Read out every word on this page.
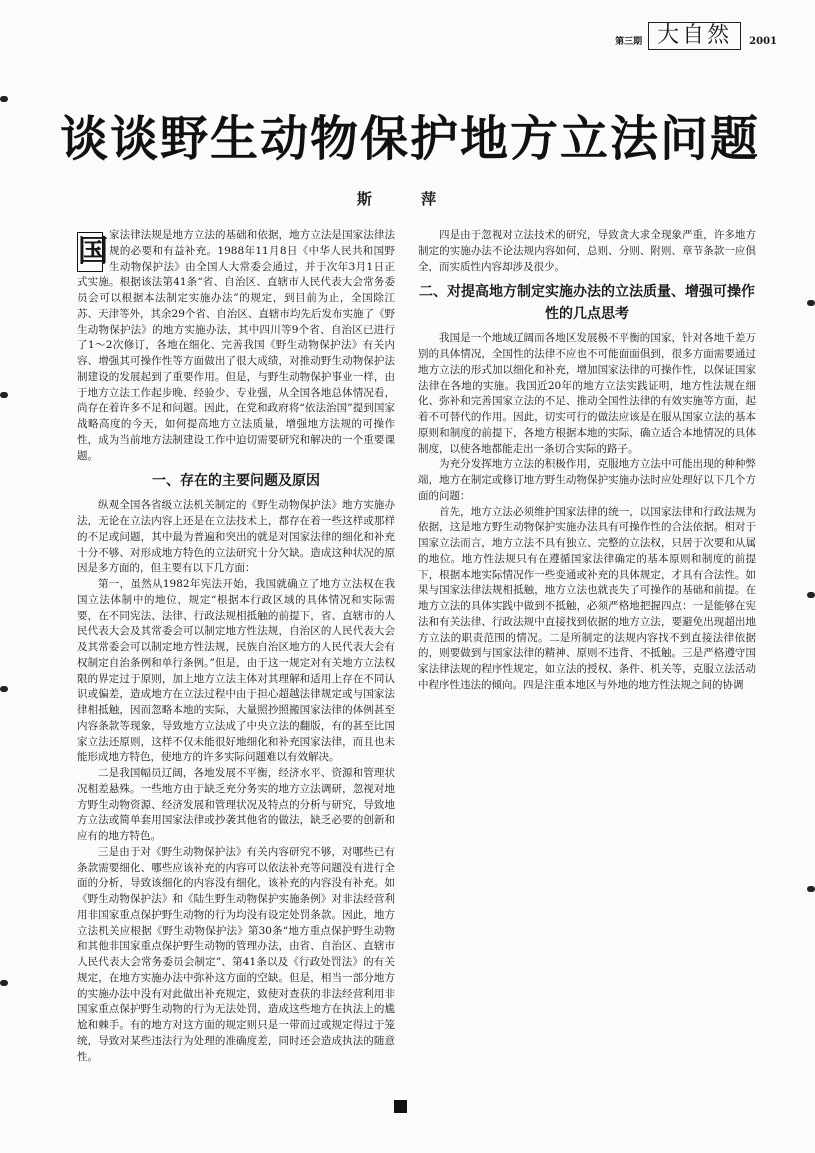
第三期 大自然	2001
谈谈野生动物保护地方立法问题
斯 萍

国 家法律法规是地方立法的基础和依据，地方立法是国家法律法规的必要和有益补充。1988年11月8日《中华人民共和国野生动物保护法》由全国人大常委会通过，并于次年3月1日正式实施。根据该法第41条“省、自治区、直辖市人民代表大会常务委员会可以根据本法制定实施办法”的规定，到目前为止，全国除江苏、天津等外，其余29个省、自治区、直辖市均先后发布实施了《野生动物保护法》的地方实施办法，其中四川等9个省、自治区已进行了1～2次修订，各地在细化、完善我国《野生动物保护法》有关内容、增强其可操作性等方面做出了很大成绩，对推动野生动物保护法制建设的发展起到了重要作用。但是，与野生动物保护事业一样，由于地方立法工作起步晚、经验少、专业强，从全国各地总体情况看，尚存在着许多不足和问题。因此，在党和政府将“依法治国”提到国家战略高度的今天，如何提高地方立法质量，增强地方法规的可操作性，成为当前地方法制建设工作中迫切需要研究和解决的一个重要课题。

一、存在的主要问题及原因

纵观全国各省级立法机关制定的《野生动物保护法》地方实施办法，无论在立法内容上还是在立法技术上，都存在着一些这样或那样的不足或问题，其中最为普遍和突出的就是对国家法律的细化和补充十分不够、对形成地方特色的立法研究十分欠缺。造成这种状况的原因是多方面的，但主要有以下几方面：

第一，虽然从1982年宪法开始，我国就确立了地方立法权在我国立法体制中的地位，规定“根据本行政区域的具体情况和实际需要，在不同宪法、法律、行政法规相抵触的前提下，省、直辖市的人民代表大会及其常委会可以制定地方性法规，自治区的人民代表大会及其常委会可以制定地方性法规，民族自治区地方的人民代表大会有权制定自治条例和单行条例。”但是，由于这一规定对有关地方立法权限的界定过于原则，加上地方立法主体对其理解和适用上存在不同认识或偏差，造成地方在立法过程中由于担心超越法律规定或与国家法律相抵触，因而忽略本地的实际，大量照抄照搬国家法律的体例甚至内容条款等现象，导致地方立法成了中央立法的翻版，有的甚至比国家立法还原则，这样不仅未能很好地细化和补充国家法律，而且也未能形成地方特色，使地方的许多实际问题难以有效解决。

二是我国幅员辽阔，各地发展不平衡，经济水平、资源和管理状况相差悬殊。一些地方由于缺乏充分务实的地方立法调研，忽视对地方野生动物资源、经济发展和管理状况及特点的分析与研究，导致地方立法或简单套用国家法律或抄袭其他省的做法，缺乏必要的创新和应有的地方特色。

三是由于对《野生动物保护法》有关内容研究不够，对哪些已有条款需要细化、哪些应该补充的内容可以依法补充等问题没有进行全面的分析，导致该细化的内容没有细化，该补充的内容没有补充。如《野生动物保护法》和《陆生野生动物保护实施条例》对非法经营利用非国家重点保护野生动物的行为均没有设定处罚条款。因此，地方立法机关应根据《野生动物保护法》第30条“地方重点保护野生动物和其他非国家重点保护野生动物的管理办法，由省、自治区、直辖市人民代表大会常务委员会制定”、第41条以及《行政处罚法》的有关规定，在地方实施办法中弥补这方面的空缺。但是，相当一部分地方的实施办法中没有对此做出补充规定，致使对查获的非法经营利用非国家重点保护野生动物的行为无法处罚，造成这些地方在执法上的尴尬和棘手。有的地方对这方面的规定则只是一带而过或规定得过于笼统，导致对某些违法行为处理的准确度差，同时还会造成执法的随意性。

四是由于忽视对立法技术的研究，导致贪大求全现象严重，许多地方制定的实施办法不论法规内容如何，总则、分则、附则、章节条款一应俱全，而实质性内容却涉及很少。

二、对提高地方制定实施办法的立法质量、增强可操作性的几点思考

我国是一个地域辽阔而各地区发展极不平衡的国家，针对各地千差万别的具体情况，全国性的法律不应也不可能面面俱到，很多方面需要通过地方立法的形式加以细化和补充，增加国家法律的可操作性，以保证国家法律在各地的实施。我国近20年的地方立法实践证明，地方性法规在细化、弥补和完善国家立法的不足、推动全国性法律的有效实施等方面，起着不可替代的作用。因此，切实可行的做法应该是在服从国家立法的基本原则和制度的前提下，各地方根据本地的实际，确立适合本地情况的具体制度，以使各地都能走出一条切合实际的路子。

为充分发挥地方立法的积极作用，克服地方立法中可能出现的种种弊端，地方在制定或修订地方野生动物保护实施办法时应处理好以下几个方面的问题：

首先，地方立法必须维护国家法律的统一，以国家法律和行政法规为依据，这是地方野生动物保护实施办法具有可操作性的合法依据。相对于国家立法而言，地方立法不具有独立、完整的立法权，只居于次要和从属的地位。地方性法规只有在遵循国家法律确定的基本原则和制度的前提下，根据本地实际情况作一些变通或补充的具体规定，才具有合法性。如果与国家法律法规相抵触，地方立法也就丧失了可操作的基础和前提。在地方立法的具体实践中做到不抵触，必须严格地把握四点：一是能够在宪法和有关法律、行政法规中直接找到依据的地方立法，要避免出现超出地方立法的职责范围的情况。二是所制定的法规内容找不到直接法律依据的，则要做到与国家法律的精神、原则不违背、不抵触。三是严格遵守国家法律法规的程序性规定，如立法的授权、条件、机关等，克服立法活动中程序性违法的倾向。四是注重本地区与外地的地方性法规之间的协调
